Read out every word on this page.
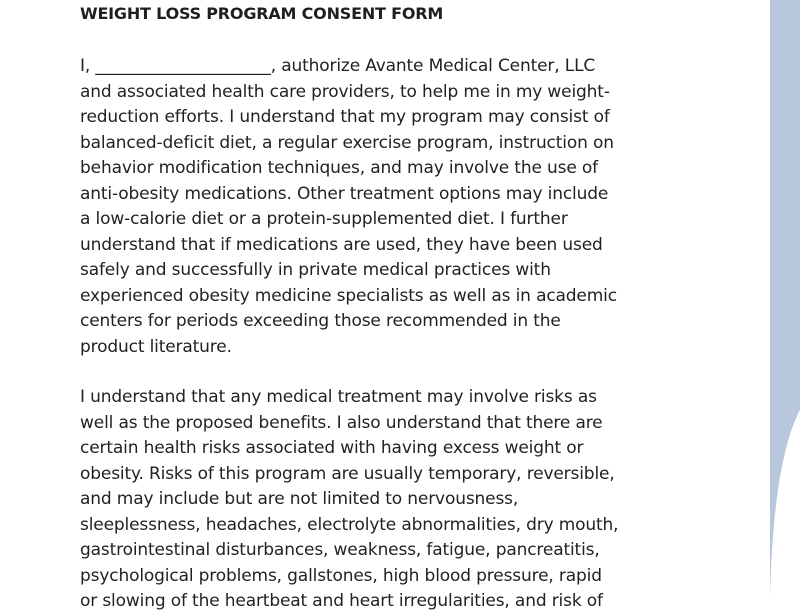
WEIGHT LOSS PROGRAM CONSENT FORM

I, _____________________, authorize Avante Medical Center, LLC
and associated health care providers, to help me in my weight-
reduction efforts. I understand that my program may consist of
balanced-deficit diet, a regular exercise program, instruction on
behavior modification techniques, and may involve the use of
anti-obesity medications. Other treatment options may include
a low-calorie diet or a protein-supplemented diet. I further
understand that if medications are used, they have been used
safely and successfully in private medical practices with
experienced obesity medicine specialists as well as in academic
centers for periods exceeding those recommended in the
product literature.

I understand that any medical treatment may involve risks as
well as the proposed benefits. I also understand that there are
certain health risks associated with having excess weight or
obesity. Risks of this program are usually temporary, reversible,
and may include but are not limited to nervousness,
sleeplessness, headaches, electrolyte abnormalities, dry mouth,
gastrointestinal disturbances, weakness, fatigue, pancreatitis,
psychological problems, gallstones, high blood pressure, rapid
or slowing of the heartbeat and heart irregularities, and risk of
